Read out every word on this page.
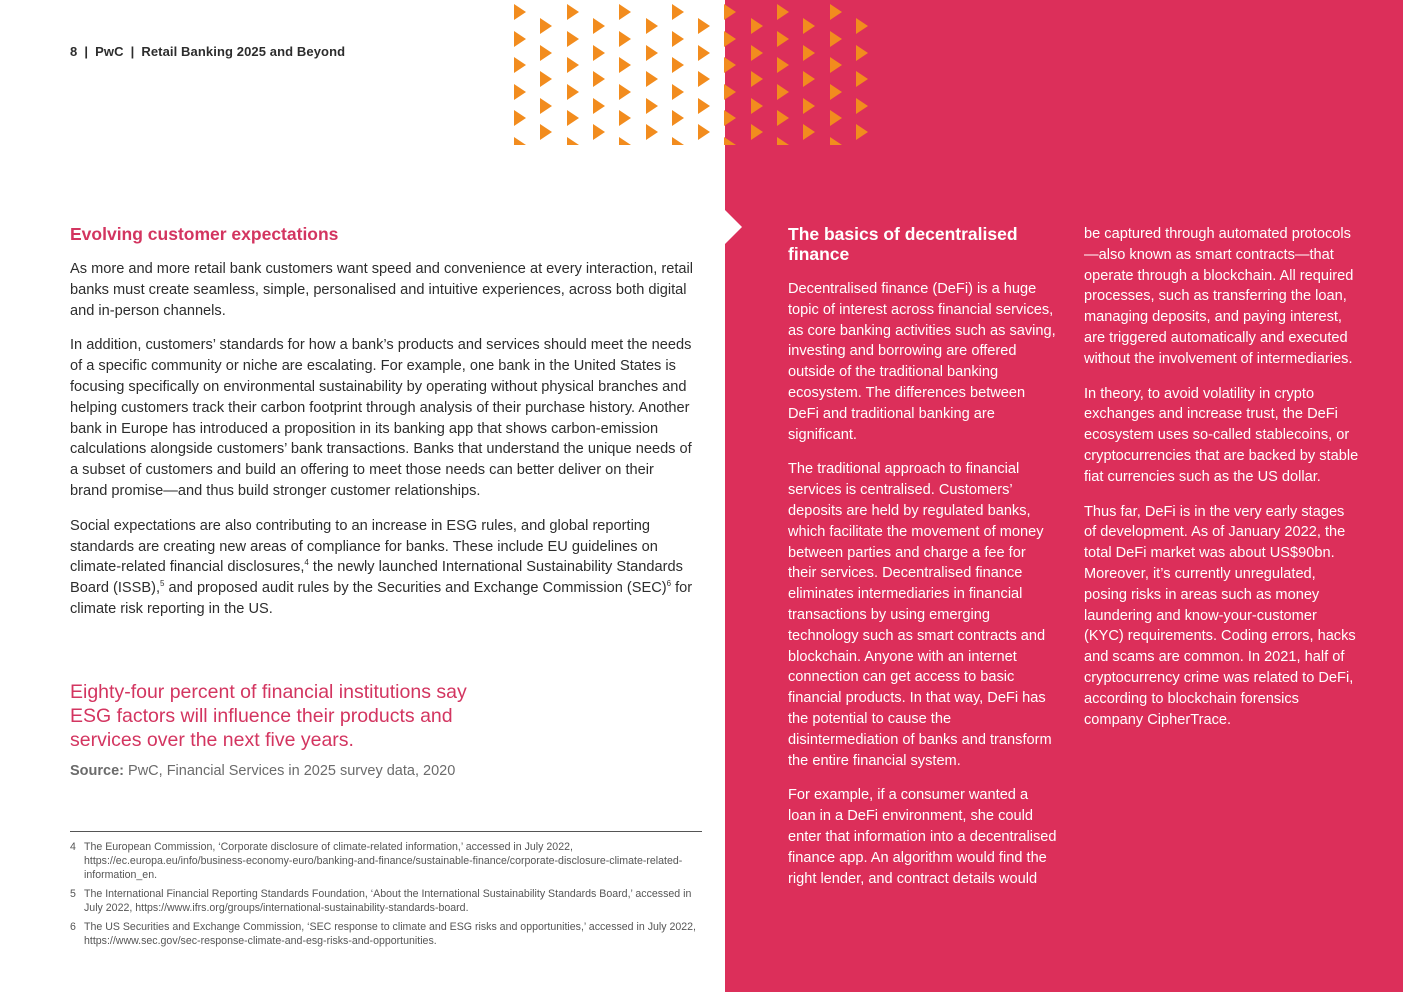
8 | PwC | Retail Banking 2025 and Beyond
Evolving customer expectations

As more and more retail bank customers want speed and convenience at every interaction, retail banks must create seamless, simple, personalised and intuitive experiences, across both digital and in-person channels.

In addition, customers’ standards for how a bank’s products and services should meet the needs of a specific community or niche are escalating. For example, one bank in the United States is focusing specifically on environmental sustainability by operating without physical branches and helping customers track their carbon footprint through analysis of their purchase history. Another bank in Europe has introduced a proposition in its banking app that shows carbon-emission calculations alongside customers’ bank transactions. Banks that understand the unique needs of a subset of customers and build an offering to meet those needs can better deliver on their brand promise—and thus build stronger customer relationships.

Social expectations are also contributing to an increase in ESG rules, and global reporting standards are creating new areas of compliance for banks. These include EU guidelines on climate-related financial disclosures,$^4$ the newly launched International Sustainability Standards Board (ISSB),$^5$ and proposed audit rules by the Securities and Exchange Commission (SEC)$^6$ for climate risk reporting in the US.

Eighty-four percent of financial institutions say ESG factors will influence their products and services over the next five years.
Source: PwC, Financial Services in 2025 survey data, 2020
4 The European Commission, ‘Corporate disclosure of climate-related information,’ accessed in July 2022, https://ec.europa.eu/info/business-economy-euro/banking-and-finance/sustainable-finance/corporate-disclosure-climate-related-information_en.
5 The International Financial Reporting Standards Foundation, ‘About the International Sustainability Standards Board,’ accessed in July 2022, https://www.ifrs.org/groups/international-sustainability-standards-board.
6 The US Securities and Exchange Commission, ‘SEC response to climate and ESG risks and opportunities,’ accessed in July 2022, https://www.sec.gov/sec-response-climate-and-esg-risks-and-opportunities.
The basics of decentralised finance

Decentralised finance (DeFi) is a huge topic of interest across financial services, as core banking activities such as saving, investing and borrowing are offered outside of the traditional banking ecosystem. The differences between DeFi and traditional banking are significant.

The traditional approach to financial services is centralised. Customers’ deposits are held by regulated banks, which facilitate the movement of money between parties and charge a fee for their services. Decentralised finance eliminates intermediaries in financial transactions by using emerging technology such as smart contracts and blockchain. Anyone with an internet connection can get access to basic financial products. In that way, DeFi has the potential to cause the disintermediation of banks and transform the entire financial system.

For example, if a consumer wanted a loan in a DeFi environment, she could enter that information into a decentralised finance app. An algorithm would find the right lender, and contract details would

be captured through automated protocols—also known as smart contracts—that operate through a blockchain. All required processes, such as transferring the loan, managing deposits, and paying interest, are triggered automatically and executed without the involvement of intermediaries.

In theory, to avoid volatility in crypto exchanges and increase trust, the DeFi ecosystem uses so-called stablecoins, or cryptocurrencies that are backed by stable fiat currencies such as the US dollar.

Thus far, DeFi is in the very early stages of development. As of January 2022, the total DeFi market was about US$90bn. Moreover, it’s currently unregulated, posing risks in areas such as money laundering and know-your-customer (KYC) requirements. Coding errors, hacks and scams are common. In 2021, half of cryptocurrency crime was related to DeFi, according to blockchain forensics company CipherTrace.
